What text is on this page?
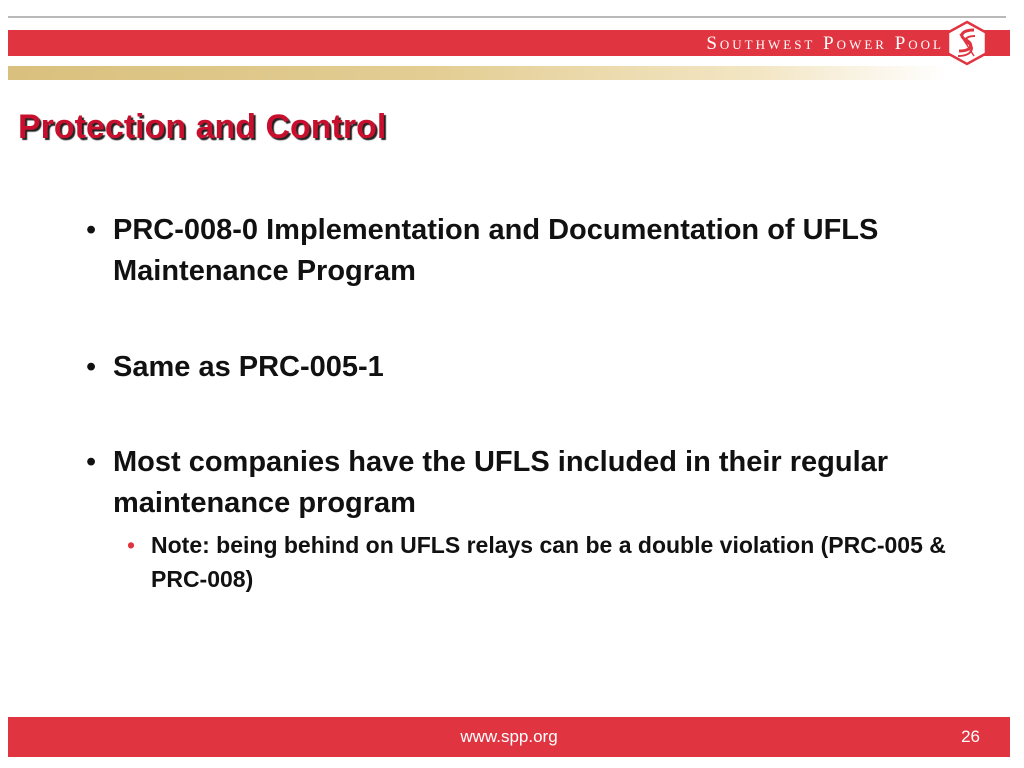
Southwest Power Pool
Protection and Control
• PRC-008-0 Implementation and Documentation of UFLS Maintenance Program
• Same as PRC-005-1
• Most companies have the UFLS included in their regular maintenance program
• Note: being behind on UFLS relays can be a double violation (PRC-005 & PRC-008)
www.spp.org	26
